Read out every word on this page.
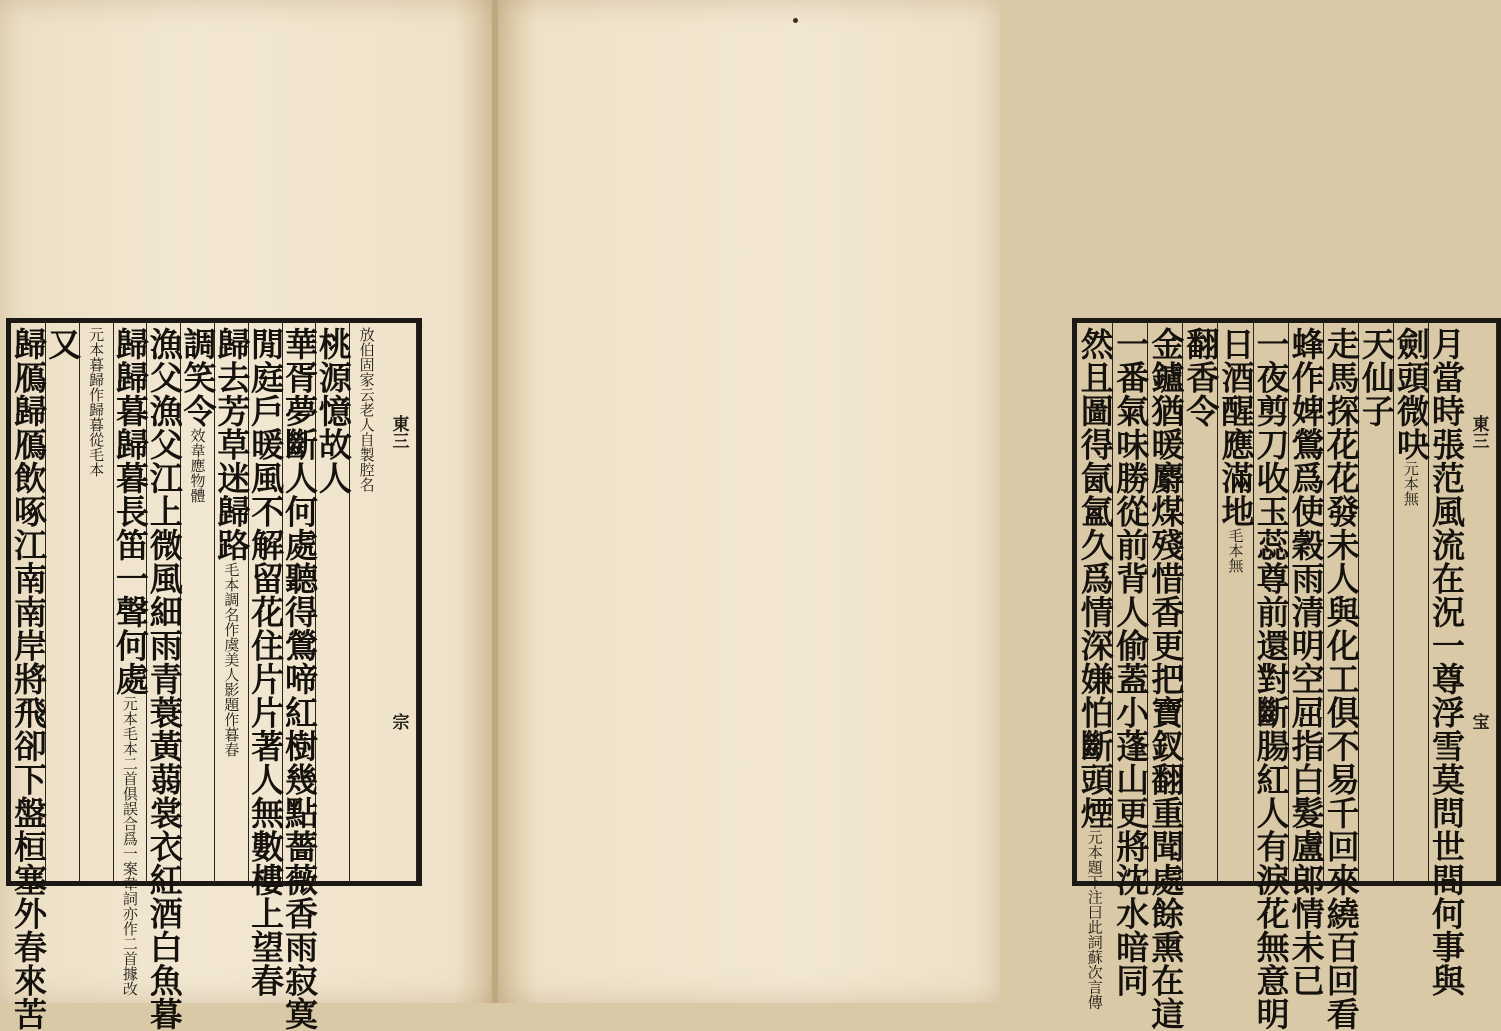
放伯固家云老人自製腔名
桃源憶故人
華胥夢斷人何處聽得鶯啼紅樹幾點薔薇香雨寂寞
閒庭戶暖風不解留花住片片著人無數樓上望春
歸去芳草迷歸路毛本調名作虞美人影題作暮春
調笑令效韋應物體
漁父漁父江上微風細雨青蓑黃蒻裳衣紅酒白魚暮
歸歸暮歸暮長笛一聲何處元本毛本二首俱誤合爲一案韋詞亦作二首據改
元本暮歸作歸暮從毛本
又
歸鴈歸鴈飲啄江南南岸將飛卻下盤桓塞外春來苦	東三
宗	月當時張范風流在況一尊浮雪莫問世間何事與
劍頭微吷元本無
天仙子
走馬探花花發未人與化工俱不易千回來繞百回看
蜂作婢鶯爲使穀雨清明空屈指白髮盧郎情未已
一夜剪刀收玉蕊尊前還對斷腸紅人有淚花無意明
日酒醒應滿地毛本無
翻香令
金鑪猶暖麝煤殘惜香更把寶釵翻重聞處餘熏在這
一番氣味勝從前背人偷蓋小蓬山更將沈水暗同
然且圖得氤氳久爲情深嫌怕斷頭煙元本題下注曰此詞蘇次言傳
東三
宝
